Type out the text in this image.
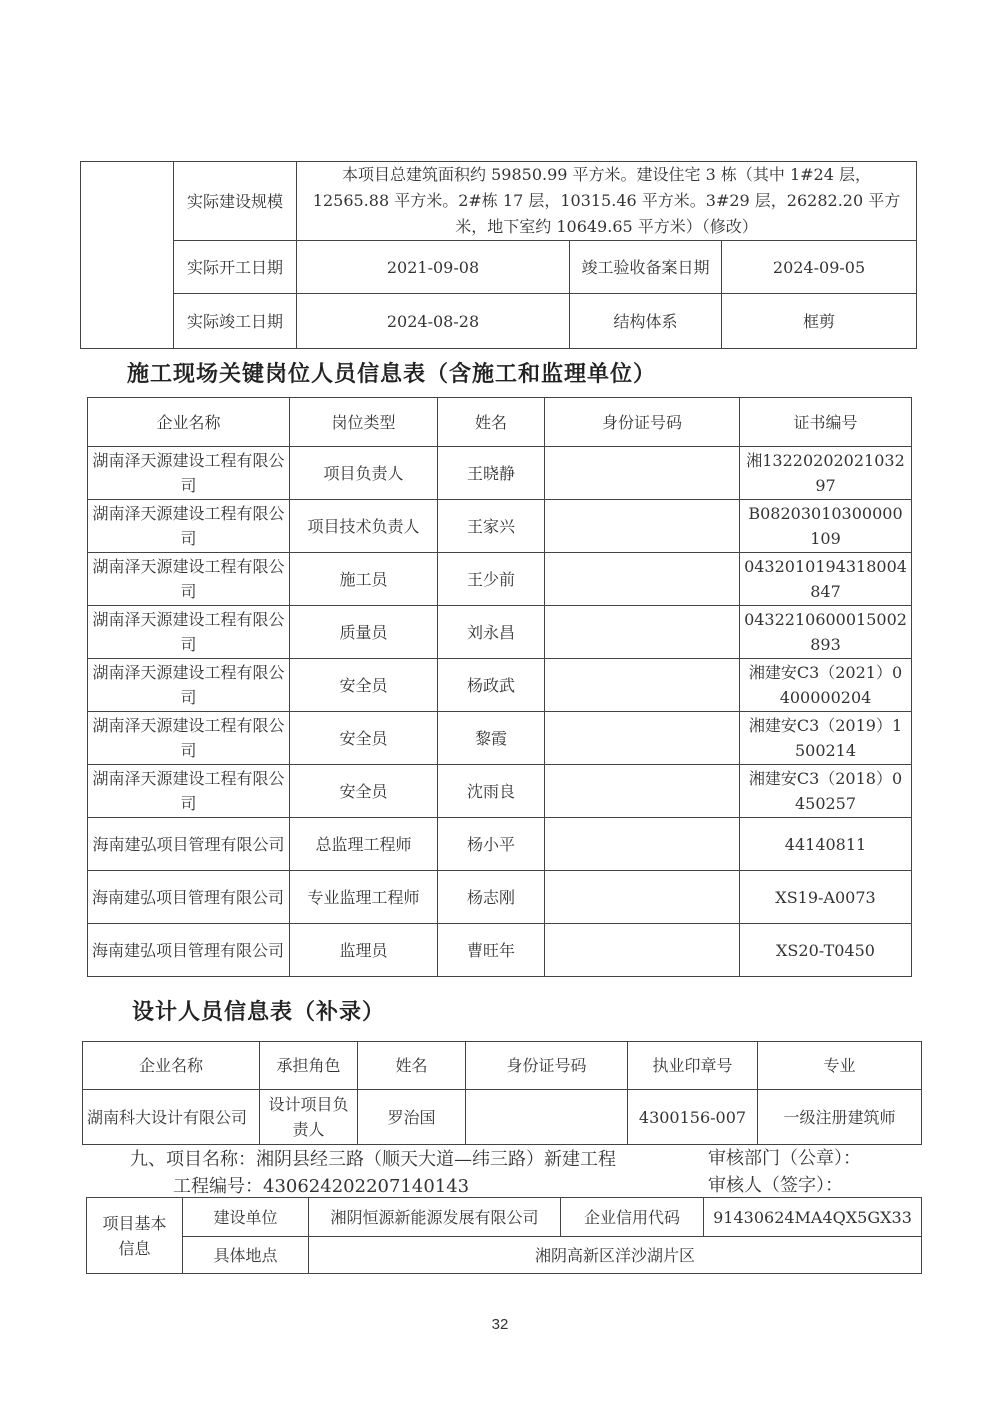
	实际建设规模	本项目总建筑面积约 59850.99 平方米。建设住宅 3 栋（其中 1#24 层，12565.88 平方米。2#栋 17 层，10315.46 平方米。3#29 层，26282.20 平方米，地下室约 10649.65 平方米）（修改）		
	实际开工日期	2021-09-08	竣工验收备案日期	2024-09-05
	实际竣工日期	2024-08-28	结构体系	框剪
施工现场关键岗位人员信息表（含施工和监理单位）
企业名称	岗位类型	姓名	身份证号码	证书编号
湖南泽天源建设工程有限公司	项目负责人	王晓静		湘1322020202103297
湖南泽天源建设工程有限公司	项目技术负责人	王家兴		B08203010300000109
湖南泽天源建设工程有限公司	施工员	王少前		0432010194318004847
湖南泽天源建设工程有限公司	质量员	刘永昌		0432210600015002893
湖南泽天源建设工程有限公司	安全员	杨政武		湘建安C3（2021）0400000204
湖南泽天源建设工程有限公司	安全员	黎霞		湘建安C3（2019）1500214
湖南泽天源建设工程有限公司	安全员	沈雨良		湘建安C3（2018）0450257
海南建弘项目管理有限公司	总监理工程师	杨小平		44140811
海南建弘项目管理有限公司	专业监理工程师	杨志刚		XS19-A0073
海南建弘项目管理有限公司	监理员	曹旺年		XS20-T0450
设计人员信息表（补录）
企业名称	承担角色	姓名	身份证号码	执业印章号	专业
湖南科大设计有限公司	设计项目负责人	罗治国		4300156-007	一级注册建筑师
九、项目名称：湘阴县经三路（顺天大道—纬三路）新建工程	审核部门（公章）：
工程编号：430624202207140143	审核人（签字）：
项目基本信息	建设单位	湘阴恒源新能源发展有限公司	企业信用代码	91430624MA4QX5GX33
	具体地点	湘阴高新区洋沙湖片区		
32
